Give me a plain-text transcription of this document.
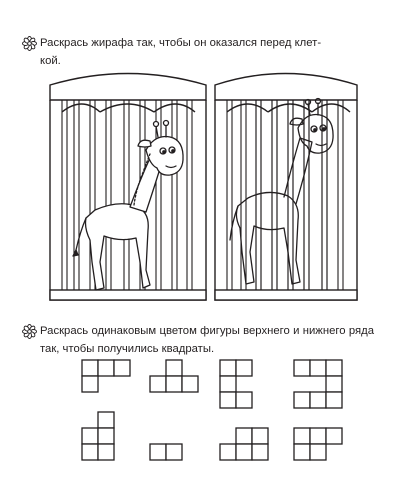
Раскрась жирафа так, чтобы он оказался перед клет-
кой.
Раскрась одинаковым цветом фигуры верхнего и нижнего ряда так, чтобы получились квадраты.
